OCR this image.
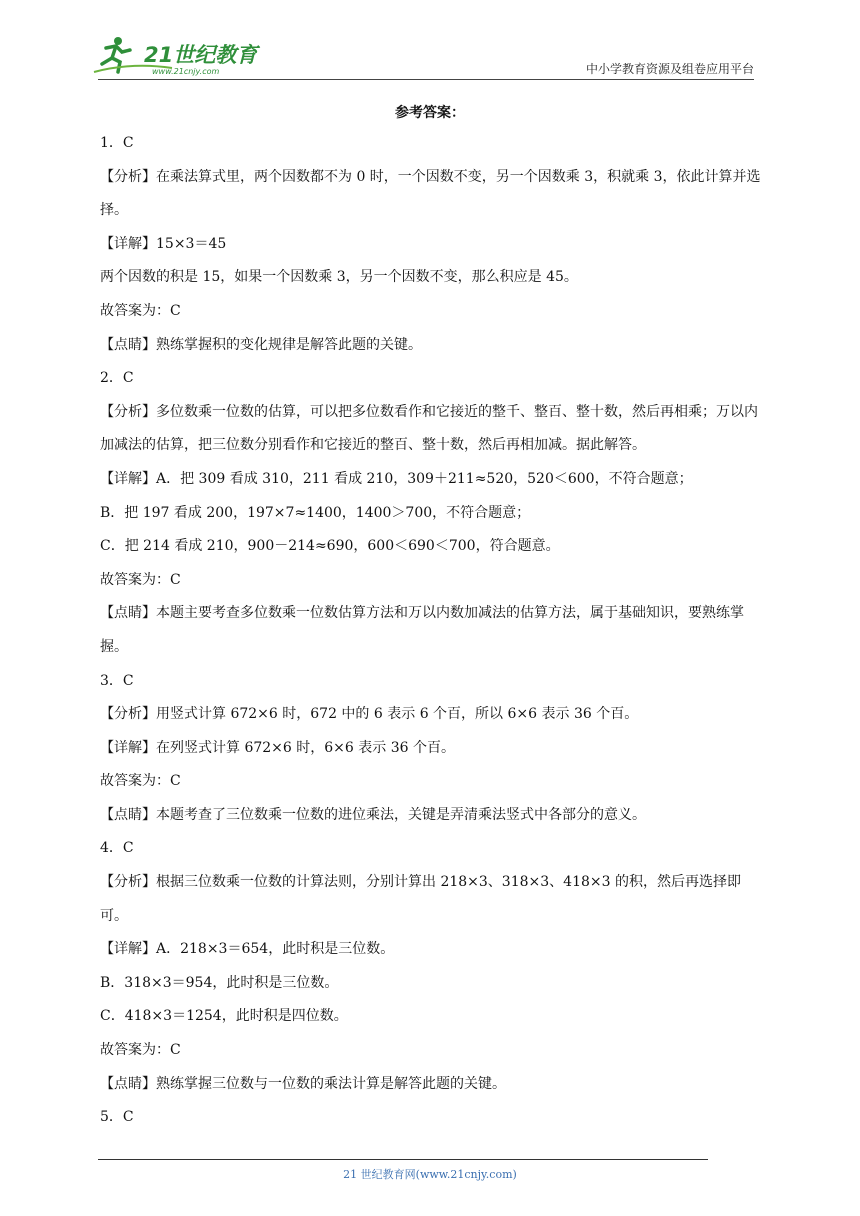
21世纪教育
www.21cnjy.com	中小学教育资源及组卷应用平台
参考答案：
1．C
【分析】在乘法算式里，两个因数都不为 0 时，一个因数不变，另一个因数乘 3，积就乘 3，依此计算并选择。
【详解】15×3＝45
两个因数的积是 15，如果一个因数乘 3，另一个因数不变，那么积应是 45。
故答案为：C
【点睛】熟练掌握积的变化规律是解答此题的关键。
2．C
【分析】多位数乘一位数的估算，可以把多位数看作和它接近的整千、整百、整十数，然后再相乘；万以内加减法的估算，把三位数分别看作和它接近的整百、整十数，然后再相加减。据此解答。
【详解】A．把 309 看成 310，211 看成 210，309＋211≈520，520＜600，不符合题意；
B．把 197 看成 200，197×7≈1400，1400＞700，不符合题意；
C．把 214 看成 210，900－214≈690，600＜690＜700，符合题意。
故答案为：C
【点睛】本题主要考查多位数乘一位数估算方法和万以内数加减法的估算方法，属于基础知识，要熟练掌握。
3．C
【分析】用竖式计算 672×6 时，672 中的 6 表示 6 个百，所以 6×6 表示 36 个百。
【详解】在列竖式计算 672×6 时，6×6 表示 36 个百。
故答案为：C
【点睛】本题考查了三位数乘一位数的进位乘法，关键是弄清乘法竖式中各部分的意义。
4．C
【分析】根据三位数乘一位数的计算法则，分别计算出 218×3、318×3、418×3 的积，然后再选择即可。
【详解】A．218×3＝654，此时积是三位数。
B．318×3＝954，此时积是三位数。
C．418×3＝1254，此时积是四位数。
故答案为：C
【点睛】熟练掌握三位数与一位数的乘法计算是解答此题的关键。
5．C
21 世纪教育网(www.21cnjy.com)
